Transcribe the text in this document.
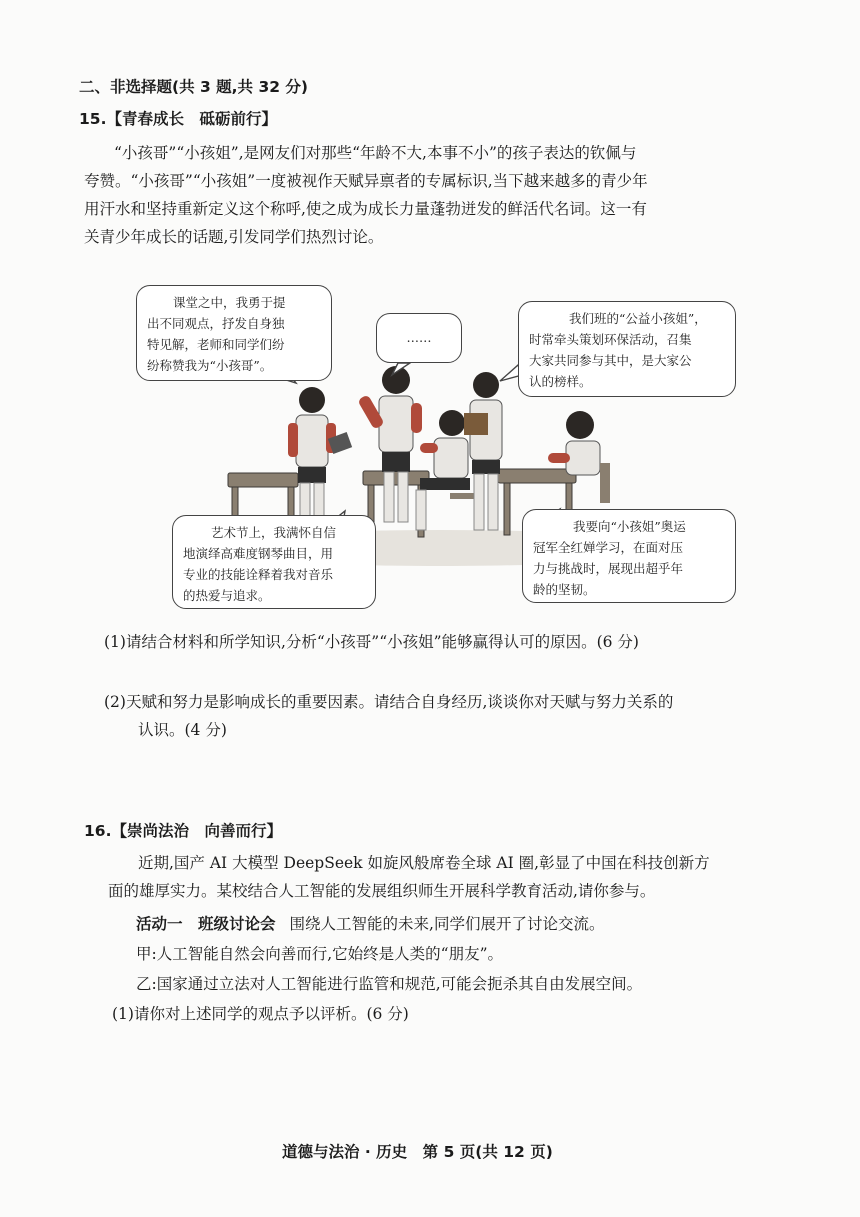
二、非选择题(共 3 题,共 32 分)
15.【青春成长　砥砺前行】
“小孩哥”“小孩姐”,是网友们对那些“年龄不大,本事不小”的孩子表达的钦佩与
夸赞。“小孩哥”“小孩姐”一度被视作天赋异禀者的专属标识,当下越来越多的青少年
用汗水和坚持重新定义这个称呼,使之成为成长力量蓬勃迸发的鲜活代名词。这一有
关青少年成长的话题,引发同学们热烈讨论。
课堂之中，我勇于提
出不同观点，抒发自身独
特见解，老师和同学们纷
纷称赞我为“小孩哥”。
……
我们班的“公益小孩姐”，
时常牵头策划环保活动，召集
大家共同参与其中，是大家公
认的榜样。
艺术节上，我满怀自信
地演绎高难度钢琴曲目，用
专业的技能诠释着我对音乐
的热爱与追求。
我要向“小孩姐”奥运
冠军全红婵学习，在面对压
力与挑战时，展现出超乎年
龄的坚韧。
(1)请结合材料和所学知识,分析“小孩哥”“小孩姐”能够赢得认可的原因。(6 分)
(2)天赋和努力是影响成长的重要因素。请结合自身经历,谈谈你对天赋与努力关系的
认识。(4 分)
16.【崇尚法治　向善而行】
近期,国产 AI 大模型 DeepSeek 如旋风般席卷全球 AI 圈,彰显了中国在科技创新方
面的雄厚实力。某校结合人工智能的发展组织师生开展科学教育活动,请你参与。
活动一　班级讨论会 围绕人工智能的未来,同学们展开了讨论交流。
甲:人工智能自然会向善而行,它始终是人类的“朋友”。
乙:国家通过立法对人工智能进行监管和规范,可能会扼杀其自由发展空间。
(1)请你对上述同学的观点予以评析。(6 分)
道德与法治 · 历史　第 5 页(共 12 页)
